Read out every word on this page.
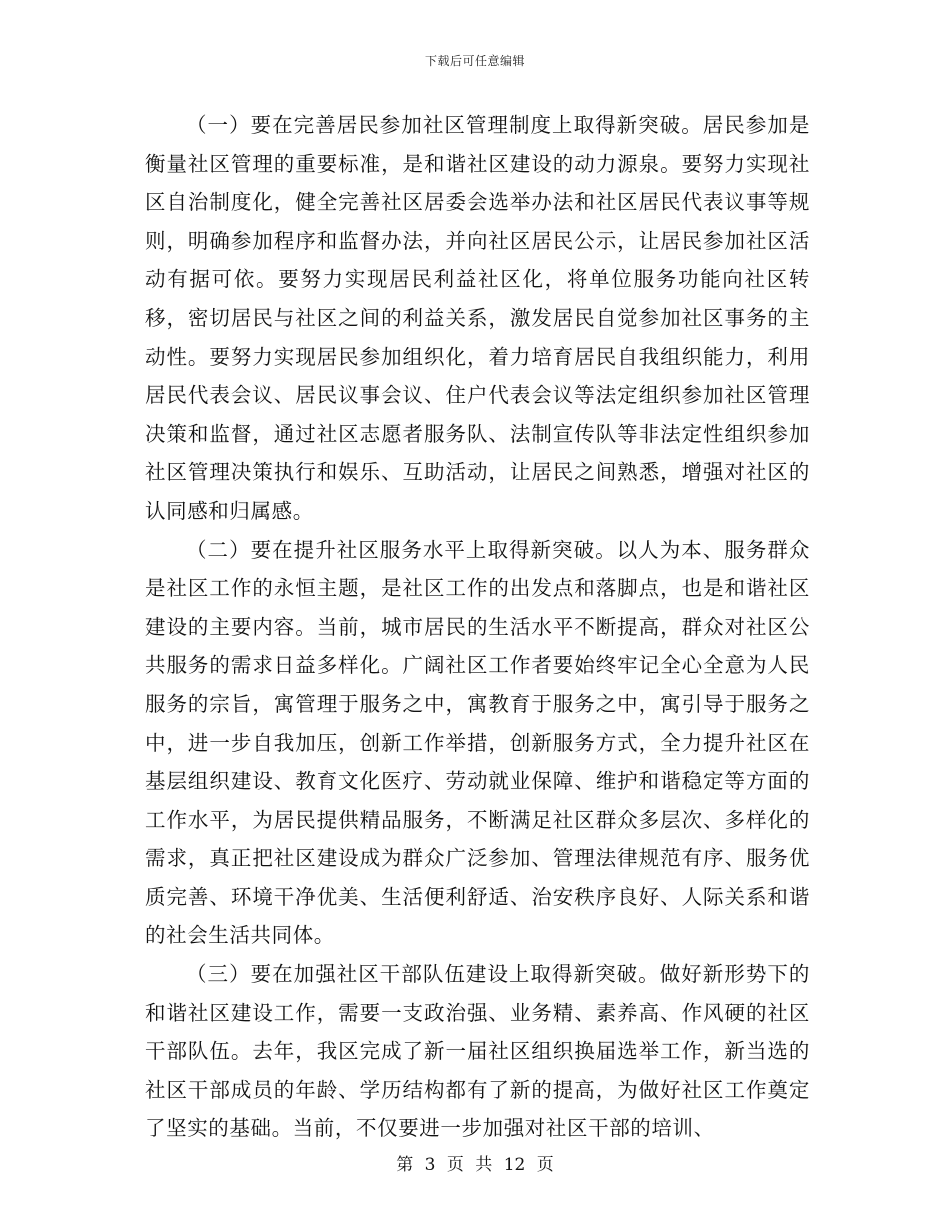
下载后可任意编辑

（一）要在完善居民参加社区管理制度上取得新突破。居民参加是衡量社区管理的重要标准，是和谐社区建设的动力源泉。要努力实现社区自治制度化，健全完善社区居委会选举办法和社区居民代表议事等规则，明确参加程序和监督办法，并向社区居民公示，让居民参加社区活动有据可依。要努力实现居民利益社区化，将单位服务功能向社区转移，密切居民与社区之间的利益关系，激发居民自觉参加社区事务的主动性。要努力实现居民参加组织化，着力培育居民自我组织能力，利用居民代表会议、居民议事会议、住户代表会议等法定组织参加社区管理决策和监督，通过社区志愿者服务队、法制宣传队等非法定性组织参加社区管理决策执行和娱乐、互助活动，让居民之间熟悉，增强对社区的认同感和归属感。

（二）要在提升社区服务水平上取得新突破。以人为本、服务群众是社区工作的永恒主题，是社区工作的出发点和落脚点，也是和谐社区建设的主要内容。当前，城市居民的生活水平不断提高，群众对社区公共服务的需求日益多样化。广阔社区工作者要始终牢记全心全意为人民服务的宗旨，寓管理于服务之中，寓教育于服务之中，寓引导于服务之中，进一步自我加压，创新工作举措，创新服务方式，全力提升社区在基层组织建设、教育文化医疗、劳动就业保障、维护和谐稳定等方面的工作水平，为居民提供精品服务，不断满足社区群众多层次、多样化的需求，真正把社区建设成为群众广泛参加、管理法律规范有序、服务优质完善、环境干净优美、生活便利舒适、治安秩序良好、人际关系和谐的社会生活共同体。

（三）要在加强社区干部队伍建设上取得新突破。做好新形势下的和谐社区建设工作，需要一支政治强、业务精、素养高、作风硬的社区干部队伍。去年，我区完成了新一届社区组织换届选举工作，新当选的社区干部成员的年龄、学历结构都有了新的提高，为做好社区工作奠定了坚实的基础。当前，不仅要进一步加强对社区干部的培训、

第 3 页 共 12 页
